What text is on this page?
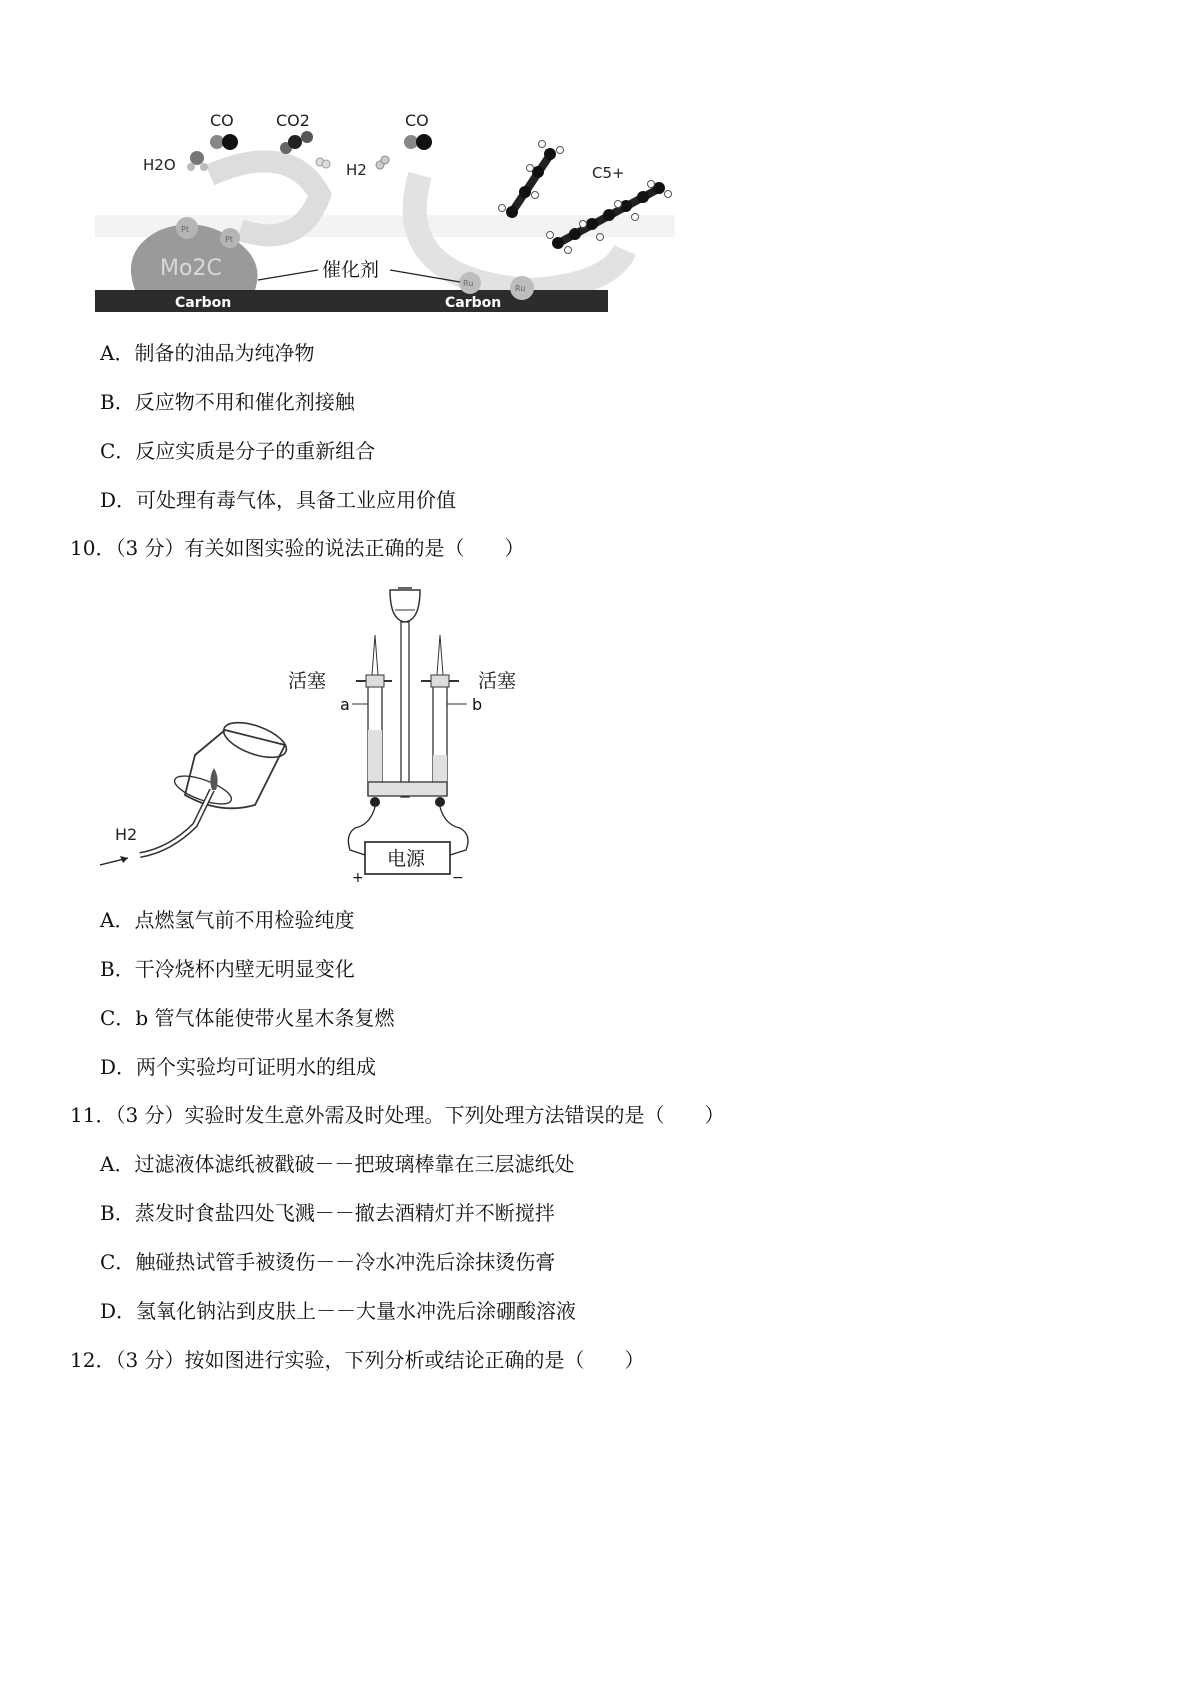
Carbon	Carbon
Mo2C
Pt
Pt
Ru
Ru
催化剂
CO	CO2	CO
H2O	H2	C5+
A．制备的油品为纯净物
B．反应物不用和催化剂接触
C．反应实质是分子的重新组合
D．可处理有毒气体，具备工业应用价值
10．（3 分）有关如图实验的说法正确的是（　　）
H2
电源
+	−
活塞	活塞
a	b
A．点燃氢气前不用检验纯度
B．干冷烧杯内壁无明显变化
C．b 管气体能使带火星木条复燃
D．两个实验均可证明水的组成
11．（3 分）实验时发生意外需及时处理。下列处理方法错误的是（　　）
A．过滤液体滤纸被戳破－－把玻璃棒靠在三层滤纸处
B．蒸发时食盐四处飞溅－－撤去酒精灯并不断搅拌
C．触碰热试管手被烫伤－－冷水冲洗后涂抹烫伤膏
D．氢氧化钠沾到皮肤上－－大量水冲洗后涂硼酸溶液
12．（3 分）按如图进行实验，下列分析或结论正确的是（　　）
